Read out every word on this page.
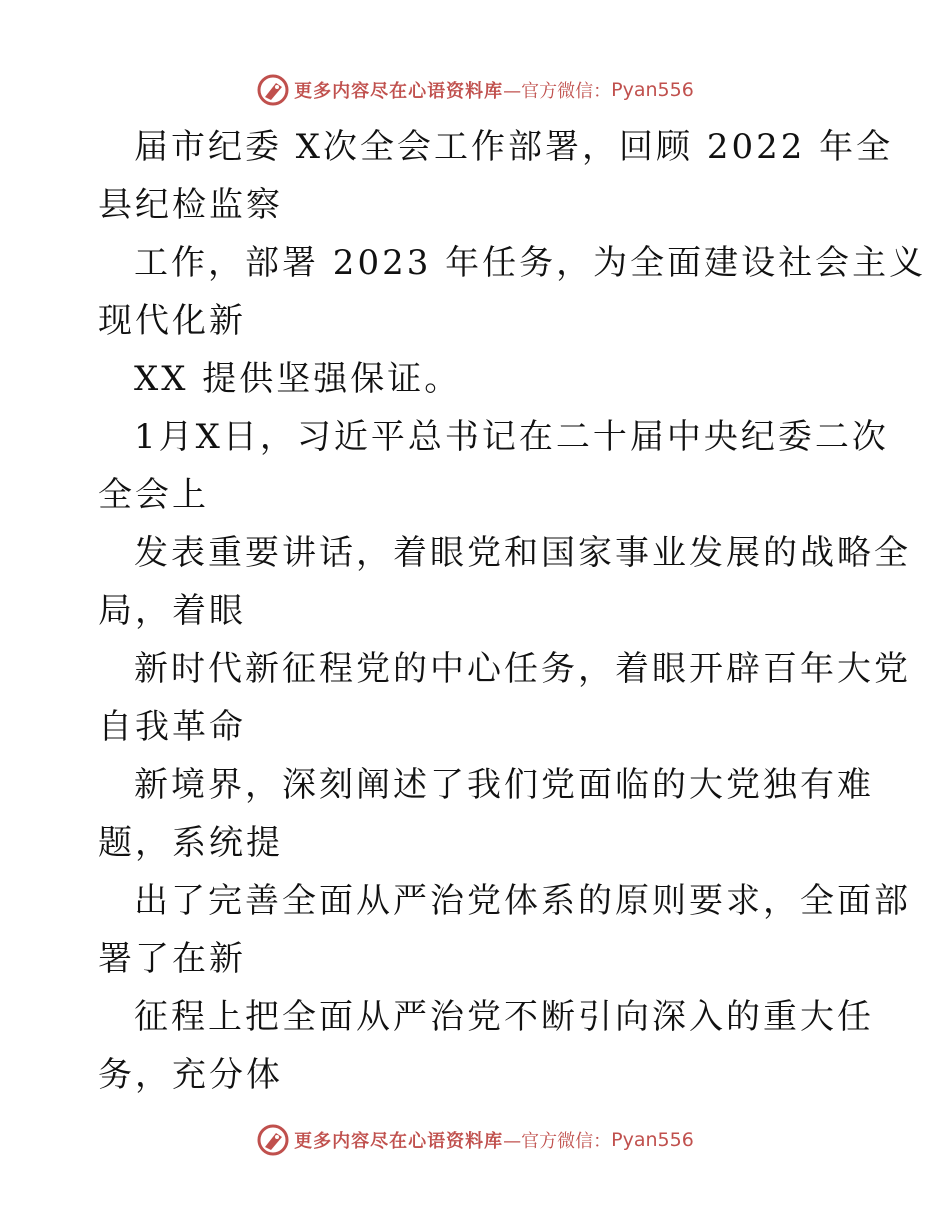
更多内容尽在心语资料库 —官方微信： Pyan556

届市纪委 X次全会工作部署，回顾 2022 年全
县纪检监察

工作，部署 2023 年任务，为全面建设社会主义
现代化新

XX 提供坚强保证。

1月X日，习近平总书记在二十届中央纪委二次
全会上

发表重要讲话，着眼党和国家事业发展的战略全
局，着眼

新时代新征程党的中心任务，着眼开辟百年大党
自我革命

新境界，深刻阐述了我们党面临的大党独有难
题，系统提

出了完善全面从严治党体系的原则要求，全面部
署了在新

征程上把全面从严治党不断引向深入的重大任
务，充分体

更多内容尽在心语资料库 —官方微信： Pyan556
